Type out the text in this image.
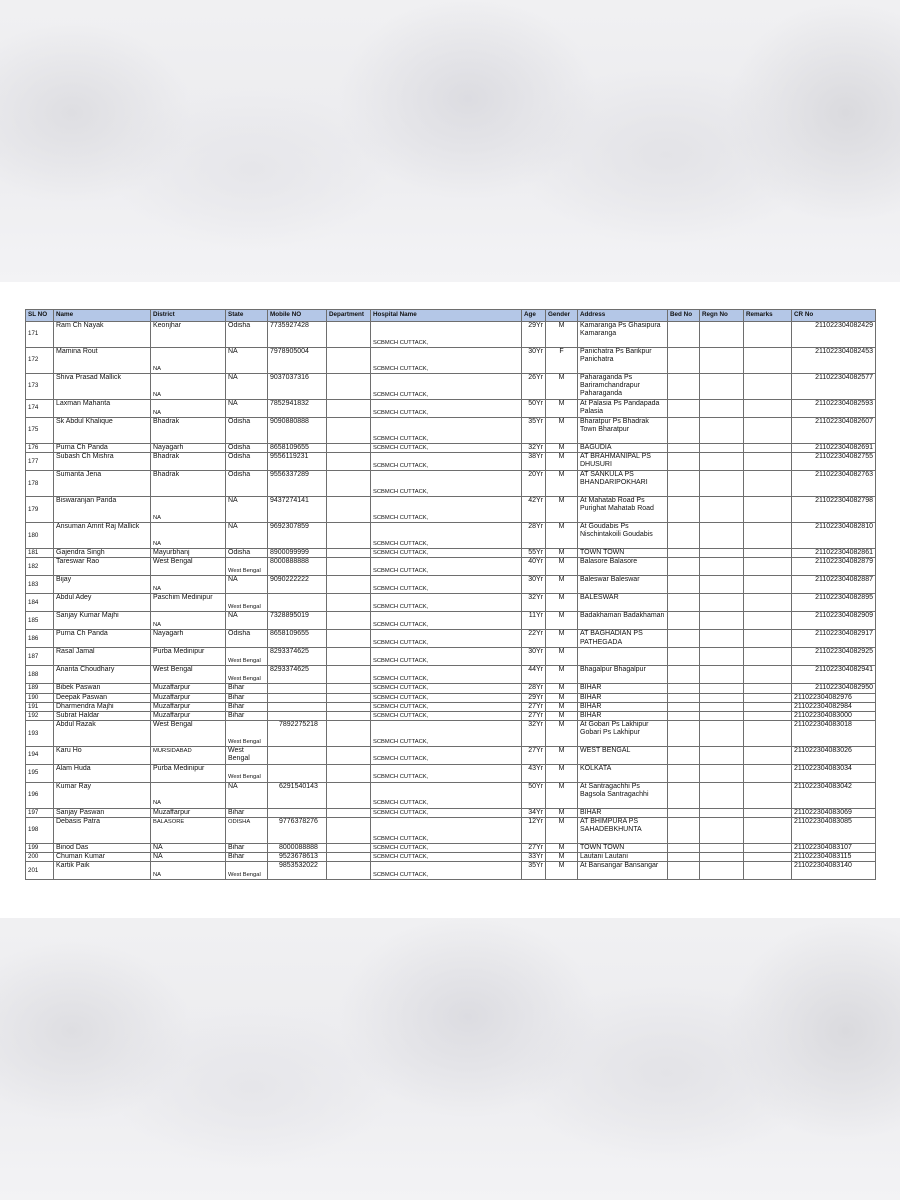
SL NO	Name	District	State	Mobile NO	Department	Hospital Name	Age	Gender	Address	Bed No	Regn No	Remarks	CR No
171	Ram Ch Nayak	Keonjhar	Odisha	7735927428		SCBMCH CUTTACK,	29Yr	M	Kamaranga Ps Ghasipura Kamaranga				211022304082429
172	Mamina Rout	NA	NA	7978905004		SCBMCH CUTTACK,	30Yr	F	Panichatra Ps Barikpur Panichatra				211022304082453
173	Shiva Prasad Mallick	NA	NA	9037037316		SCBMCH CUTTACK,	26Yr	M	Paharaganda Ps Bariramchandrapur Paharaganda				211022304082577
174	Laxman Mahanta	NA	NA	7852941832		SCBMCH CUTTACK,	50Yr	M	At Palasia Ps Pandapada Palasia				211022304082593
175	Sk Abdul Khalique	Bhadrak	Odisha	9090880888		SCBMCH CUTTACK,	35Yr	M	Bharatpur Ps Bhadrak Town Bharatpur				211022304082607
176	Purna Ch Panda	Nayagarh	Odisha	8658109655		SCBMCH CUTTACK,	32Yr	M	BAGUDIA				211022304082691
177	Subash Ch Mishra	Bhadrak	Odisha	9556119231		SCBMCH CUTTACK,	38Yr	M	AT BRAHMANIPAL PS DHUSURI				211022304082755
178	Sumanta Jena	Bhadrak	Odisha	9556337289		SCBMCH CUTTACK,	20Yr	M	AT SANKULA PS BHANDARIPOKHARI				211022304082763
179	Biswaranjan Parida	NA	NA	9437274141		SCBMCH CUTTACK,	42Yr	M	At Mahatab Road Ps Purighat Mahatab Road				211022304082798
180	Ansuman Amrit Raj Mallick	NA	NA	9692307859		SCBMCH CUTTACK,	28Yr	M	At Goudabis Ps Nischintakoili Goudabis				211022304082810
181	Gajendra Singh	Mayurbhanj	Odisha	8900099999		SCBMCH CUTTACK,	55Yr	M	TOWN TOWN				211022304082861
182	Tareswar Rao	West Bengal	West Bengal	8000888888		SCBMCH CUTTACK,	40Yr	M	Balasore Balasore				211022304082879
183	Bijay	NA	NA	9090222222		SCBMCH CUTTACK,	30Yr	M	Baleswar Baleswar				211022304082887
184	Abdul Adey	Paschim Medinipur	West Bengal			SCBMCH CUTTACK,	32Yr	M	BALESWAR				211022304082895
185	Sanjay Kumar Majhi	NA	NA	7328895019		SCBMCH CUTTACK,	11Yr	M	Badakhaman Badakhaman				211022304082909
186	Purna Ch Panda	Nayagarh	Odisha	8658109655		SCBMCH CUTTACK,	22Yr	M	AT BAGHADIAN PS PATHEGADA				211022304082917
187	Rasal Jamal	Purba Medinipur	West Bengal	8293374625		SCBMCH CUTTACK,	30Yr	M					211022304082925
188	Ananta Choudhary	West Bengal	West Bengal	8293374625		SCBMCH CUTTACK,	44Yr	M	Bhagalpur Bhagalpur				211022304082941
189	Bibek Paswan	Muzaffarpur	Bihar			SCBMCH CUTTACK,	28Yr	M	BIHAR				211022304082950
190	Deepak Paswan	Muzaffarpur	Bihar			SCBMCH CUTTACK,	29Yr	M	BIHAR				211022304082976
191	Dharmendra Majhi	Muzaffarpur	Bihar			SCBMCH CUTTACK,	27Yr	M	BIHAR				211022304082984
192	Subrat Haldar	Muzaffarpur	Bihar			SCBMCH CUTTACK,	27Yr	M	BIHAR				211022304083000
193	Abdul Razak	West Bengal	West Bengal	7892275218		SCBMCH CUTTACK,	32Yr	M	At Gobari Ps Lakhipur Gobari Ps Lakhipur				211022304083018
194	Karu Ho	MURSIDABAD	West Bengal			SCBMCH CUTTACK,	27Yr	M	WEST BENGAL				211022304083026
195	Alam Huda	Purba Medinipur	West Bengal			SCBMCH CUTTACK,	43Yr	M	KOLKATA				211022304083034
196	Kumar Ray	NA	NA	6291540143		SCBMCH CUTTACK,	50Yr	M	At Santragachhi Ps Bagsola Santragachhi				211022304083042
197	Sanjay Paswan	Muzaffarpur	Bihar			SCBMCH CUTTACK,	34Yr	M	BIHAR				211022304083069
198	Debasis Patra	BALASORE	ODISHA	9776378276		SCBMCH CUTTACK,	12Yr	M	AT BHIMPURA PS SAHADEBKHUNTA				211022304083085
199	Binod Das	NA	Bihar	8000088888		SCBMCH CUTTACK,	27Yr	M	TOWN TOWN				211022304083107
200	Chuman Kumar	NA	Bihar	9523678613		SCBMCH CUTTACK,	33Yr	M	Lautani Lautani				211022304083115
201	Kartik Paik	NA	West Bengal	9853532022		SCBMCH CUTTACK,	35Yr	M	At Bansangar Bansangar				211022304083140
